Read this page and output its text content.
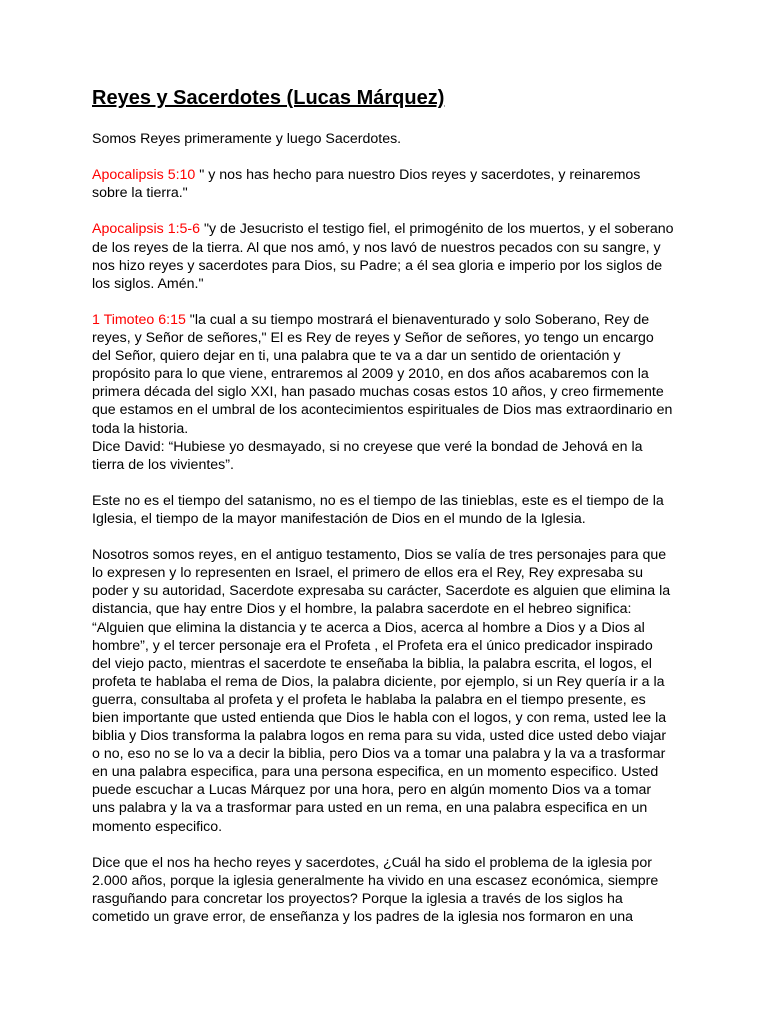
Reyes y Sacerdotes (Lucas Márquez)

Somos Reyes primeramente y luego Sacerdotes.

Apocalipsis 5:10 " y nos has hecho para nuestro Dios reyes y sacerdotes, y reinaremos
sobre la tierra."

Apocalipsis 1:5-6 "y de Jesucristo el testigo fiel, el primogénito de los muertos, y el soberano
de los reyes de la tierra. Al que nos amó, y nos lavó de nuestros pecados con su sangre, y
nos hizo reyes y sacerdotes para Dios, su Padre; a él sea gloria e imperio por los siglos de
los siglos. Amén."

1 Timoteo 6:15 "la cual a su tiempo mostrará el bienaventurado y solo Soberano, Rey de
reyes, y Señor de señores," El es Rey de reyes y Señor de señores, yo tengo un encargo
del Señor, quiero dejar en ti, una palabra que te va a dar un sentido de orientación y
propósito para lo que viene, entraremos al 2009 y 2010, en dos años acabaremos con la
primera década del siglo XXI, han pasado muchas cosas estos 10 años, y creo firmemente
que estamos en el umbral de los acontecimientos espirituales de Dios mas extraordinario en
toda la historia.

Dice David: “Hubiese yo desmayado, si no creyese que veré la bondad de Jehová en la
tierra de los vivientes”.

Este no es el tiempo del satanismo, no es el tiempo de las tinieblas, este es el tiempo de la
Iglesia, el tiempo de la mayor manifestación de Dios en el mundo de la Iglesia.

Nosotros somos reyes, en el antiguo testamento, Dios se valía de tres personajes para que
lo expresen y lo representen en Israel, el primero de ellos era el Rey, Rey expresaba su
poder y su autoridad, Sacerdote expresaba su carácter, Sacerdote es alguien que elimina la
distancia, que hay entre Dios y el hombre, la palabra sacerdote en el hebreo significa:
“Alguien que elimina la distancia y te acerca a Dios, acerca al hombre a Dios y a Dios al
hombre”, y el tercer personaje era el Profeta , el Profeta era el único predicador inspirado
del viejo pacto, mientras el sacerdote te enseñaba la biblia, la palabra escrita, el logos, el
profeta te hablaba el rema de Dios, la palabra diciente, por ejemplo, si un Rey quería ir a la
guerra, consultaba al profeta y el profeta le hablaba la palabra en el tiempo presente, es
bien importante que usted entienda que Dios le habla con el logos, y con rema, usted lee la
biblia y Dios transforma la palabra logos en rema para su vida, usted dice usted debo viajar
o no, eso no se lo va a decir la biblia, pero Dios va a tomar una palabra y la va a trasformar
en una palabra especifica, para una persona especifica, en un momento especifico. Usted
puede escuchar a Lucas Márquez por una hora, pero en algún momento Dios va a tomar
uns palabra y la va a trasformar para usted en un rema, en una palabra especifica en un
momento especifico.

Dice que el nos ha hecho reyes y sacerdotes, ¿Cuál ha sido el problema de la iglesia por
2.000 años, porque la iglesia generalmente ha vivido en una escasez económica, siempre
rasguñando para concretar los proyectos? Porque la iglesia a través de los siglos ha
cometido un grave error, de enseñanza y los padres de la iglesia nos formaron en una
